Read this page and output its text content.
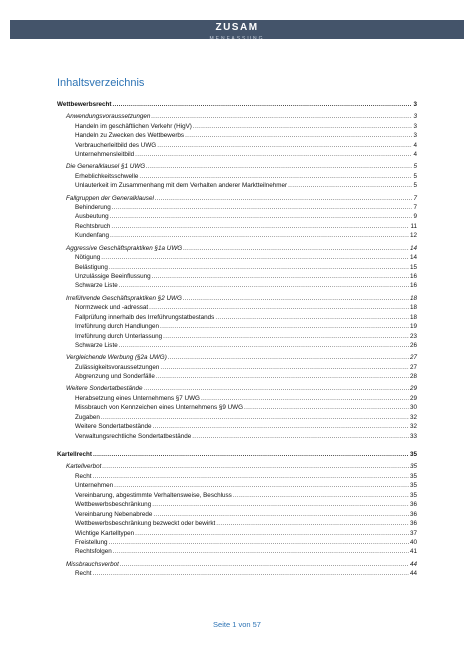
ZUSAM
MENFASSUNG
Inhaltsverzeichnis
Wettbewerbsrecht .....	3
Anwendungsvoraussetzungen .....	3
Handeln im geschäftlichen Verkehr (HigV) .....	3
Handeln zu Zwecken des Wettbewerbs .....	3
Verbraucherleitbild des UWG .....	4
Unternehmensleitbild .....	4
Die Generalklausel §1 UWG .....	5
Erheblichkeitsschwelle .....	5
Unlauterkeit im Zusammenhang mit dem Verhalten anderer Marktteilnehmer .....	5
Fallgruppen der Generalklausel .....	7
Behinderung .....	7
Ausbeutung .....	9
Rechtsbruch .....	11
Kundenfang .....	12
Aggressive Geschäftspraktiken §1a UWG .....	14
Nötigung .....	14
Belästigung .....	15
Unzulässige Beeinflussung .....	16
Schwarze Liste .....	16
Irreführende Geschäftspraktiken §2 UWG .....	18
Normzweck und -adressat .....	18
Fallprüfung innerhalb des Irreführungstatbestands .....	18
Irreführung durch Handlungen .....	19
Irreführung durch Unterlassung .....	23
Schwarze Liste .....	26
Vergleichende Werbung (§2a UWG) .....	27
Zulässigkeitsvoraussetzungen .....	27
Abgrenzung und Sonderfälle .....	28
Weitere Sondertatbestände .....	29
Herabsetzung eines Unternehmens §7 UWG .....	29
Missbrauch von Kennzeichen eines Unternehmens §9 UWG .....	30
Zugaben .....	32
Weitere Sondertatbestände .....	32
Verwaltungsrechtliche Sondertatbestände .....	33
Kartellrecht .....	35
Kartellverbot .....	35
Recht .....	35
Unternehmen .....	35
Vereinbarung, abgestimmte Verhaltensweise, Beschluss .....	35
Wettbewerbsbeschränkung .....	36
Vereinbarung Nebenabrede .....	36
Wettbewerbsbeschränkung bezweckt oder bewirkt .....	36
Wichtige Kartelltypen .....	37
Freistellung .....	40
Rechtsfolgen .....	41
Missbrauchsverbot .....	44
Recht .....	44
Seite 1 von 57
